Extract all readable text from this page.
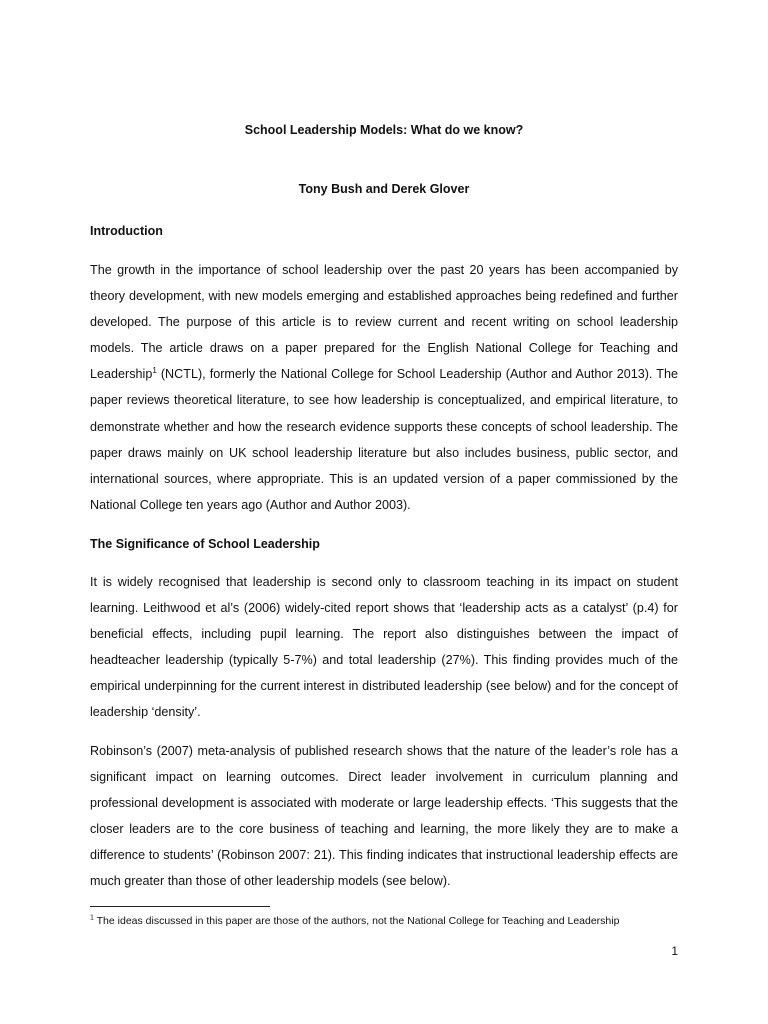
School Leadership Models: What do we know?
Tony Bush and Derek Glover
Introduction

The growth in the importance of school leadership over the past 20 years has been accompanied by theory development, with new models emerging and established approaches being redefined and further developed. The purpose of this article is to review current and recent writing on school leadership models. The article draws on a paper prepared for the English National College for Teaching and Leadership$^1$ (NCTL), formerly the National College for School Leadership (Author and Author 2013). The paper reviews theoretical literature, to see how leadership is conceptualized, and empirical literature, to demonstrate whether and how the research evidence supports these concepts of school leadership. The paper draws mainly on UK school leadership literature but also includes business, public sector, and international sources, where appropriate. This is an updated version of a paper commissioned by the National College ten years ago (Author and Author 2003).

The Significance of School Leadership

It is widely recognised that leadership is second only to classroom teaching in its impact on student learning. Leithwood et al’s (2006) widely-cited report shows that ‘leadership acts as a catalyst’ (p.4) for beneficial effects, including pupil learning. The report also distinguishes between the impact of headteacher leadership (typically 5-7%) and total leadership (27%). This finding provides much of the empirical underpinning for the current interest in distributed leadership (see below) and for the concept of leadership ‘density’.

Robinson’s (2007) meta-analysis of published research shows that the nature of the leader’s role has a significant impact on learning outcomes. Direct leader involvement in curriculum planning and professional development is associated with moderate or large leadership effects. ‘This suggests that the closer leaders are to the core business of teaching and learning, the more likely they are to make a difference to students’ (Robinson 2007: 21). This finding indicates that instructional leadership effects are much greater than those of other leadership models (see below).

$^1$ The ideas discussed in this paper are those of the authors, not the National College for Teaching and Leadership
1
